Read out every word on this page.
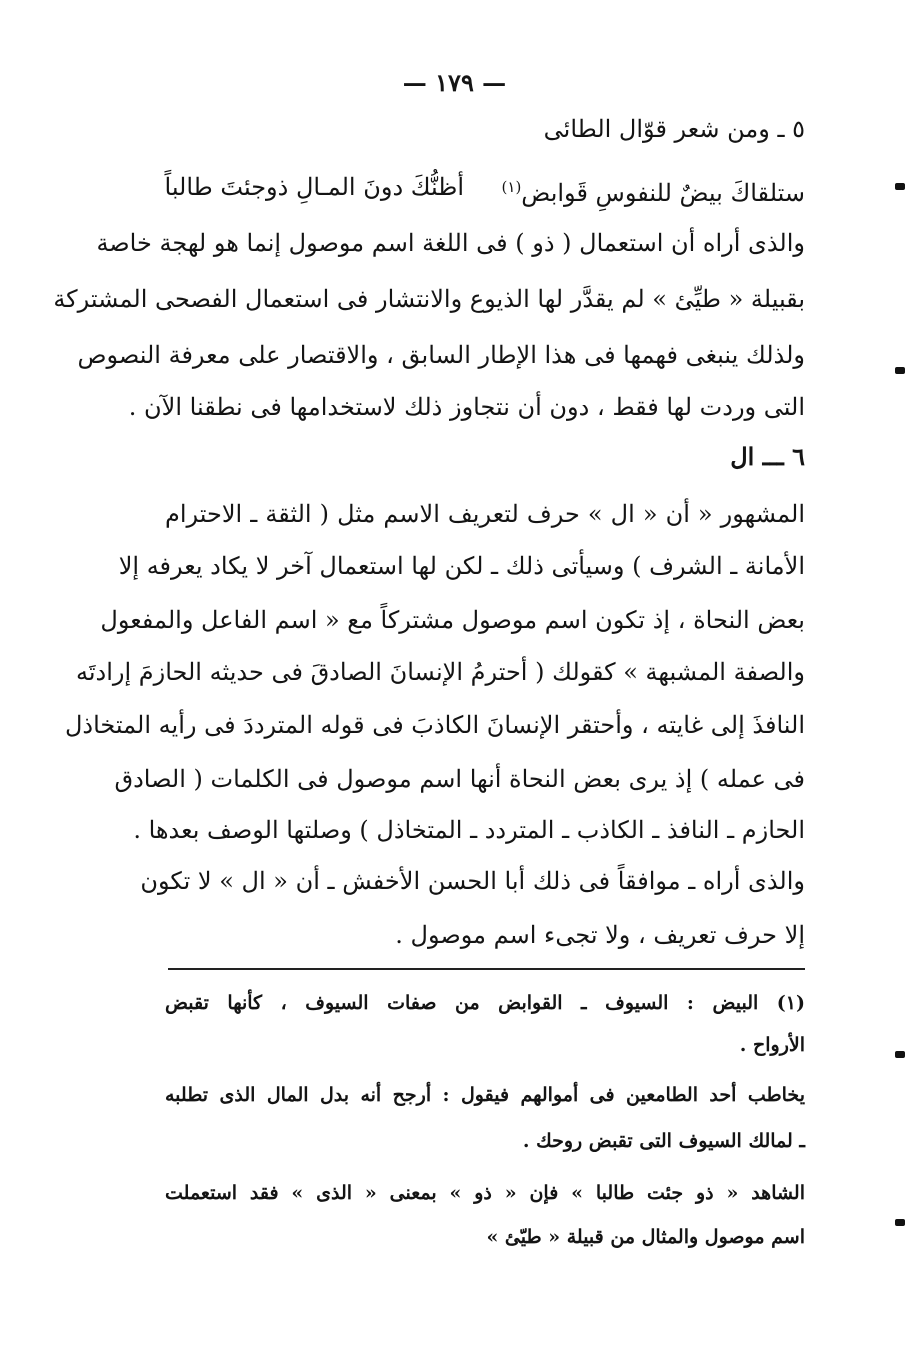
— ١٧٩ —
٥ ـ ومن شعر قوّال الطائى
أظنُّكَ دونَ المـالِ ذوجئتَ طالباً	ستلقاكَ بيضٌ للنفوسِ قَوابض$^{(١)}$
والذى أراه أن استعمال ( ذو ) فى اللغة اسم موصول إنما هو لهجة خاصة
بقبيلة « طيِّئ » لم يقدَّر لها الذيوع والانتشار فى استعمال الفصحى المشتركة
ولذلك ينبغى فهمها فى هذا الإطار السابق ، والاقتصار على معرفة النصوص
التى وردت لها فقط ، دون أن نتجاوز ذلك لاستخدامها فى نطقنا الآن .
٦ ـــ ال
المشهور « أن « ال » حرف لتعريف الاسم مثل ( الثقة ـ الاحترام
الأمانة ـ الشرف ) وسيأتى ذلك ـ لكن لها استعمال آخر لا يكاد يعرفه إلا
بعض النحاة ، إذ تكون اسم موصول مشتركاً مع « اسم الفاعل والمفعول
والصفة المشبهة » كقولك ( أحترمُ الإنسانَ الصادقَ فى حديثه الحازمَ إرادتَه
النافذَ إلى غايته ، وأحتقر الإنسانَ الكاذبَ فى قوله المترددَ فى رأيه المتخاذل
فى عمله ) إذ يرى بعض النحاة أنها اسم موصول فى الكلمات ( الصادق
الحازم ـ النافذ ـ الكاذب ـ المتردد ـ المتخاذل ) وصلتها الوصف بعدها .
والذى أراه ـ موافقاً فى ذلك أبا الحسن الأخفش ـ أن « ال » لا تكون
إلا حرف تعريف ، ولا تجىء اسم موصول .
(١) البيض : السيوف ـ القوابض من صفات السيوف ، كأنها تقبض
الأرواح .
يخاطب أحد الطامعين فى أموالهم فيقول : أرجح أنه بدل المال الذى تطلبه
ـ لمالك السيوف التى تقبض روحك .
الشاهد « ذو جئت طالبا » فإن « ذو » بمعنى « الذى » فقد استعملت
اسم موصول والمثال من قبيلة « طيّئ »
